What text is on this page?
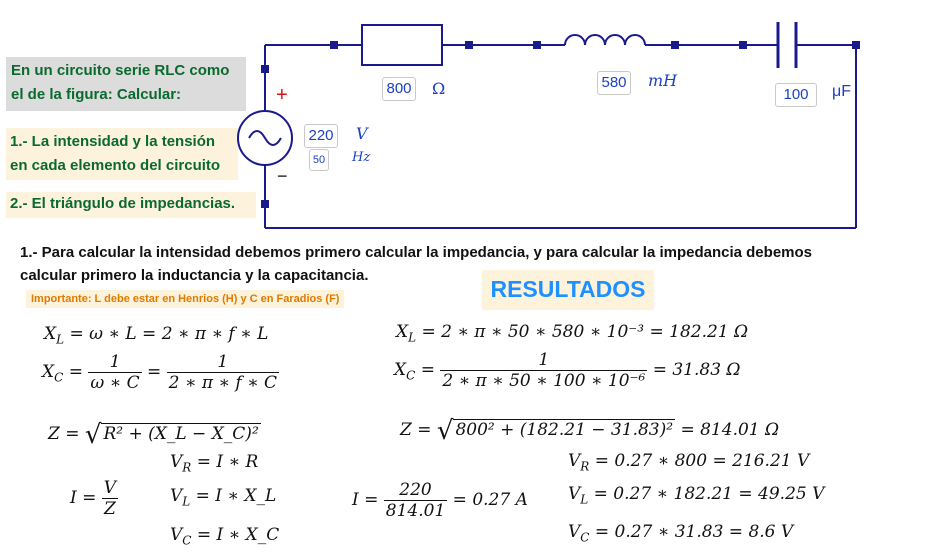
En un circuito serie RLC como
el de la figura: Calcular:
1.- La intensidad y la tensión
en cada elemento del circuito
2.- El triángulo de impedancias.
+
−
800 Ω	580 mH
100	μF
220 V
50 Hz
1.- Para calcular la intensidad debemos primero calcular la impedancia, y para calcular la impedancia debemos
calcular primero la inductancia y la capacitancia.
Importante: L debe estar en Henrios (H) y C en Faradios (F)	RESULTADOS
$X_L = \omega$ ∗ L = 2 ∗ π ∗ f ∗ L
$X_C = \frac{1}{\omega ∗ C} = \frac{1}{2 ∗ \pi ∗ f ∗ C}$
Z = √ R² + (X_L − X_C)²
$V_R = I$ ∗ R
$I = \frac{V}{Z}$	$V_L = I$ ∗ X_L
$V_C = I$ ∗ X_C
$X_L = 2$ ∗ π ∗ 50 ∗ 580 ∗ 10⁻³ = 182.21 Ω
$X_C = \frac{1}{\text{2 ∗ π ∗ 50 ∗ 100 ∗ 10⁻⁶}} = 31.83$ Ω
Z = √ 800² + (182.21 − 31.83)² = 814.01 Ω
$V_R = 0.27$ ∗ 800 = 216.21 V
$I = \frac{220}{814.01} = 0.27$ A $V_L = 0.27$ ∗ 182.21 = 49.25 V
$V_C = 0.27$ ∗ 31.83 = 8.6 V
